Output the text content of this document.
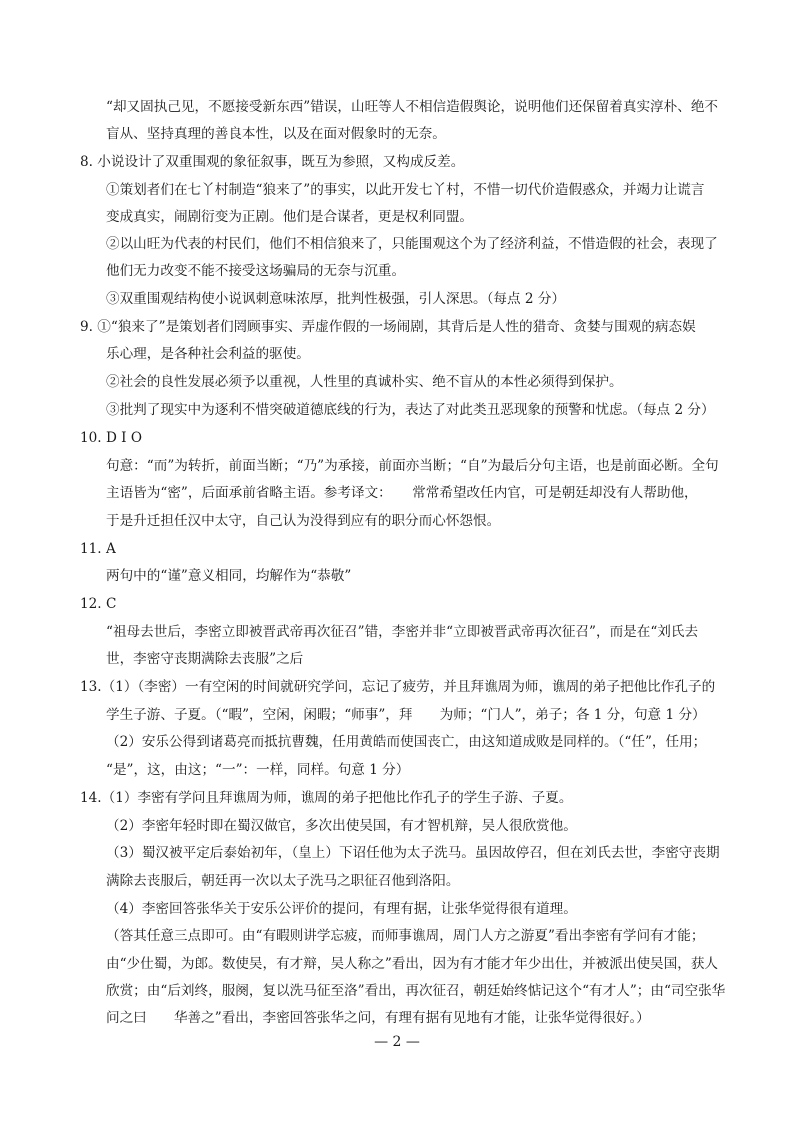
“却又固执己见，不愿接受新东西”错误，山旺等人不相信造假舆论，说明他们还保留着真实淳朴、绝不
盲从、坚持真理的善良本性，以及在面对假象时的无奈。
8. 小说设计了双重围观的象征叙事，既互为参照，又构成反差。
①策划者们在七丫村制造“狼来了”的事实，以此开发七丫村，不惜一切代价造假惑众，并竭力让谎言
变成真实，闹剧衍变为正剧。他们是合谋者，更是权利同盟。
②以山旺为代表的村民们，他们不相信狼来了，只能围观这个为了经济利益，不惜造假的社会，表现了
他们无力改变不能不接受这场骗局的无奈与沉重。
③双重围观结构使小说讽刺意味浓厚，批判性极强，引人深思。（每点 2 分）
9. ①“狼来了”是策划者们罔顾事实、弄虚作假的一场闹剧，其背后是人性的猎奇、贪婪与围观的病态娱
乐心理，是各种社会利益的驱使。
②社会的良性发展必须予以重视，人性里的真诚朴实、绝不盲从的本性必须得到保护。
③批判了现实中为逐利不惜突破道德底线的行为，表达了对此类丑恶现象的预警和忧虑。（每点 2 分）
10. D I O
句意：“而”为转折，前面当断；“乃”为承接，前面亦当断；“自”为最后分句主语，也是前面必断。全句
主语皆为“密”，后面承前省略主语。参考译文：　　常常希望改任内官，可是朝廷却没有人帮助他，
于是升迁担任汉中太守，自己认为没得到应有的职分而心怀怨恨。
11. A
两句中的“谨”意义相同，均解作为“恭敬”
12. C
“祖母去世后，李密立即被晋武帝再次征召”错，李密并非“立即被晋武帝再次征召”，而是在“刘氏去
世，李密守丧期满除去丧服”之后
13.（1）（李密）一有空闲的时间就研究学问，忘记了疲劳，并且拜谯周为师，谯周的弟子把他比作孔子的
学生子游、子夏。（“暇”，空闲，闲暇；“师事”，拜　　为师；“门人”，弟子；各 1 分，句意 1 分）
（2）安乐公得到诸葛亮而抵抗曹魏，任用黄皓而使国丧亡，由这知道成败是同样的。（“任”，任用；
“是”，这，由这；“一”：一样，同样。句意 1 分）
14.（1）李密有学问且拜谯周为师，谯周的弟子把他比作孔子的学生子游、子夏。
（2）李密年轻时即在蜀汉做官，多次出使吴国，有才智机辩，吴人很欣赏他。
（3）蜀汉被平定后泰始初年，（皇上）下诏任他为太子洗马。虽因故停召，但在刘氏去世，李密守丧期
满除去丧服后，朝廷再一次以太子洗马之职征召他到洛阳。
（4）李密回答张华关于安乐公评价的提问，有理有据，让张华觉得很有道理。
（答其任意三点即可。由“有暇则讲学忘疲，而师事谯周，周门人方之游夏”看出李密有学问有才能；
由“少仕蜀，为郎。数使吴，有才辩，吴人称之”看出，因为有才能才年少出仕，并被派出使吴国，获人
欣赏；由“后刘终，服阕，复以洗马征至洛”看出，再次征召，朝廷始终惦记这个“有才人”；由“司空张华
问之曰　　华善之”看出，李密回答张华之问，有理有据有见地有才能，让张华觉得很好。）
— 2 —
